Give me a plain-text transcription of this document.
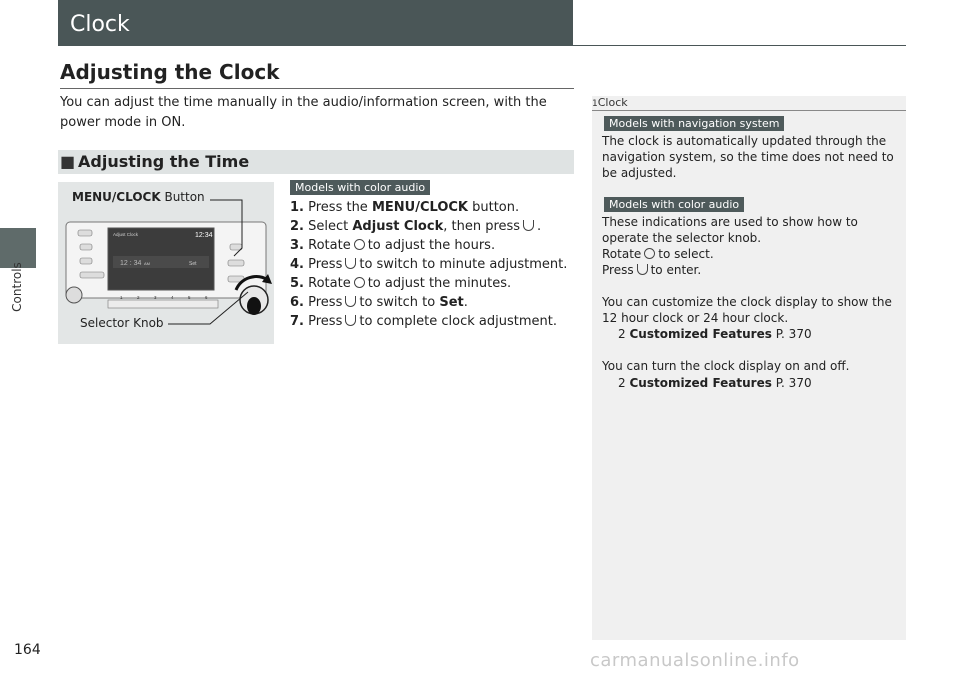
Controls
Clock
Adjusting the Clock
You can adjust the time manually in the audio/information screen, with the power mode in ON.
■ Adjusting the Time
Adjust Clock	12:34
12 : 34 AM	Set
1	2	3	4	5	6
MENU/CLOCK Button
Selector Knob
Models with color audio
1. Press the MENU/CLOCK button.
2. Select Adjust Clock, then press .
3. Rotate to adjust the hours.
4. Press to switch to minute adjustment.
5. Rotate to adjust the minutes.
6. Press to switch to Set.
7. Press to complete clock adjustment.
1Clock
Models with navigation system
The clock is automatically updated through the navigation system, so the time does not need to be adjusted.
Models with color audio
These indications are used to show how to operate the selector knob.
Rotate to select.
Press to enter.
You can customize the clock display to show the 12 hour clock or 24 hour clock.
2 Customized Features P. 370
You can turn the clock display on and off.
2 Customized Features P. 370
164	carmanualsonline.info
